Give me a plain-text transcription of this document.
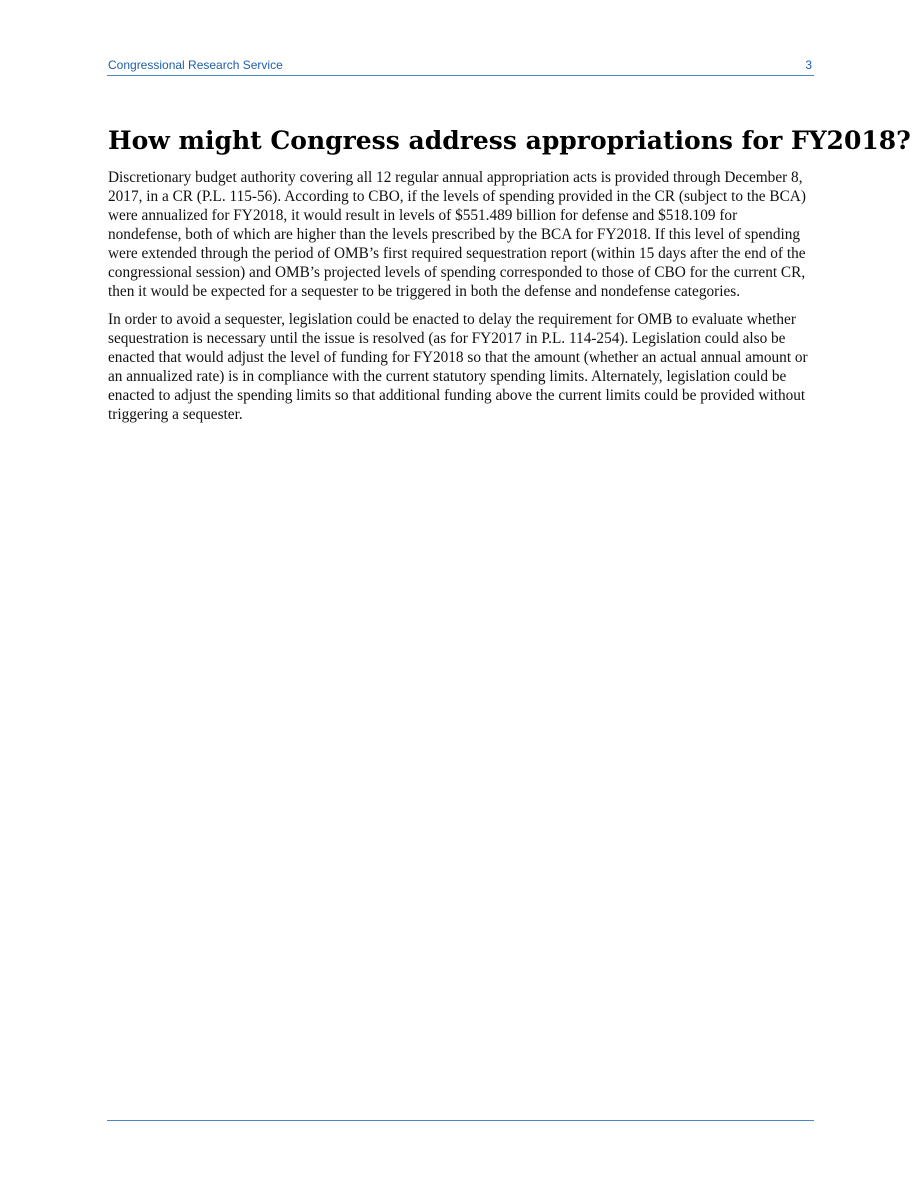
Congressional Research Service	3
How might Congress address appropriations for FY2018?

Discretionary budget authority covering all 12 regular annual appropriation acts is provided through December 8, 2017, in a CR (P.L. 115-56). According to CBO, if the levels of spending provided in the CR (subject to the BCA) were annualized for FY2018, it would result in levels of $551.489 billion for defense and $518.109 for nondefense, both of which are higher than the levels prescribed by the BCA for FY2018. If this level of spending were extended through the period of OMB’s first required sequestration report (within 15 days after the end of the congressional session) and OMB’s projected levels of spending corresponded to those of CBO for the current CR, then it would be expected for a sequester to be triggered in both the defense and nondefense categories.

In order to avoid a sequester, legislation could be enacted to delay the requirement for OMB to evaluate whether sequestration is necessary until the issue is resolved (as for FY2017 in P.L. 114-254). Legislation could also be enacted that would adjust the level of funding for FY2018 so that the amount (whether an actual annual amount or an annualized rate) is in compliance with the current statutory spending limits. Alternately, legislation could be enacted to adjust the spending limits so that additional funding above the current limits could be provided without triggering a sequester.
